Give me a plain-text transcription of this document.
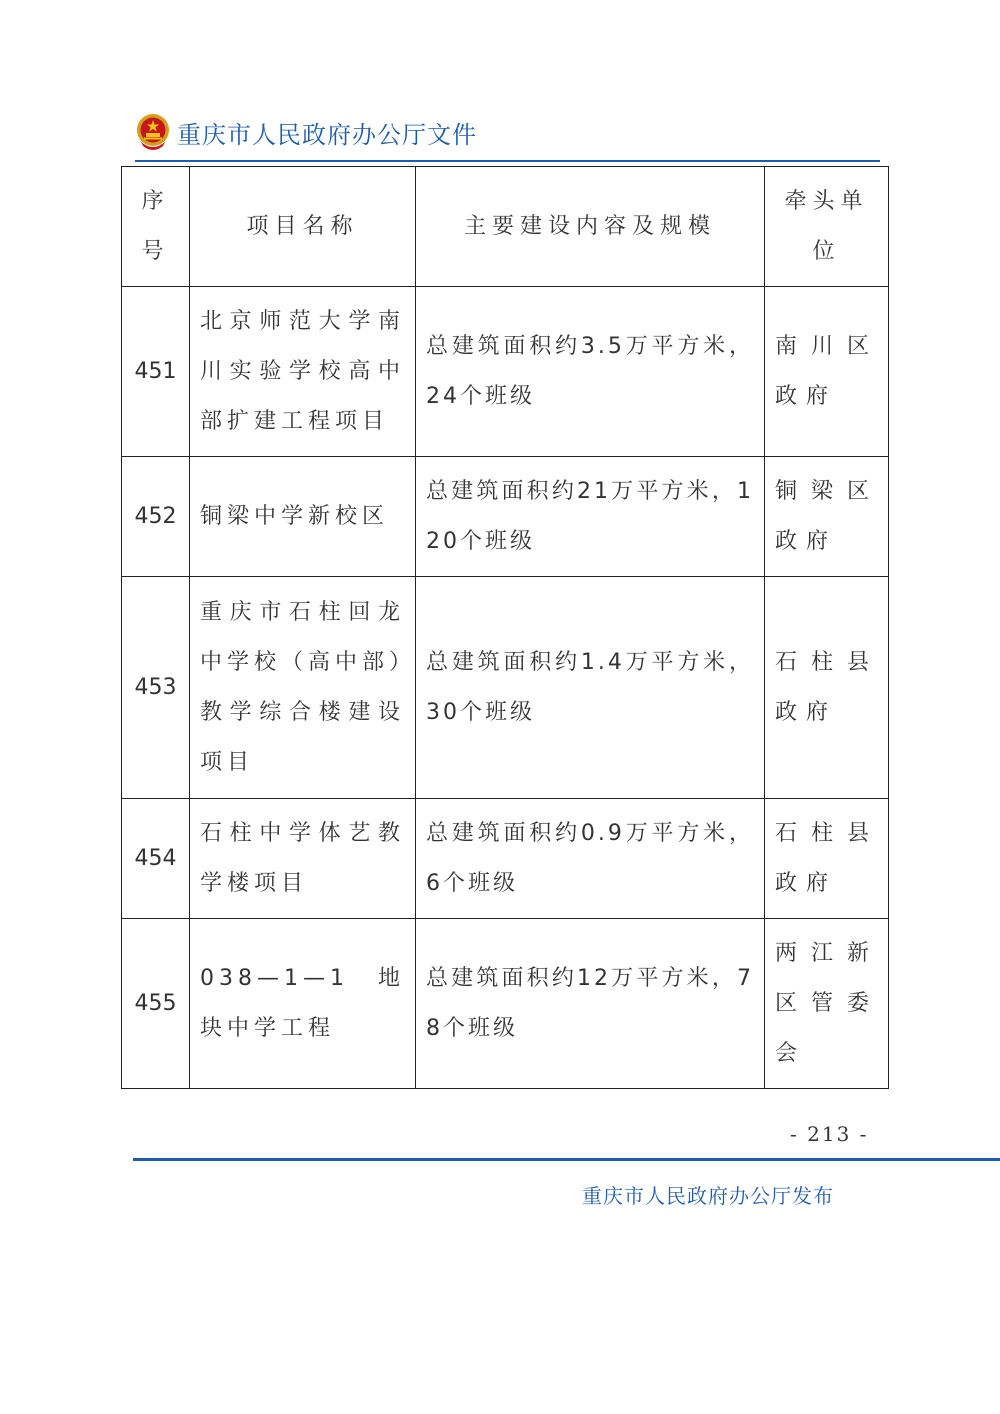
重庆市人民政府办公厅文件
序号	项目名称	主要建设内容及规模	牵头单位
451	北京师范大学南川实验学校高中部扩建工程项目	总建筑面积约3.5万平方米，24个班级	南川区政府
452	铜梁中学新校区	总建筑面积约21万平方米，120个班级	铜梁区政府
453	重庆市石柱回龙中学校（高中部）教学综合楼建设项目	总建筑面积约1.4万平方米，30个班级	石柱县政府
454	石柱中学体艺教学楼项目	总建筑面积约0.9万平方米，6个班级	石柱县政府
455	038—1—1 地块中学工程	总建筑面积约12万平方米，78个班级	两江新区管委会
- 213 -
重庆市人民政府办公厅发布
